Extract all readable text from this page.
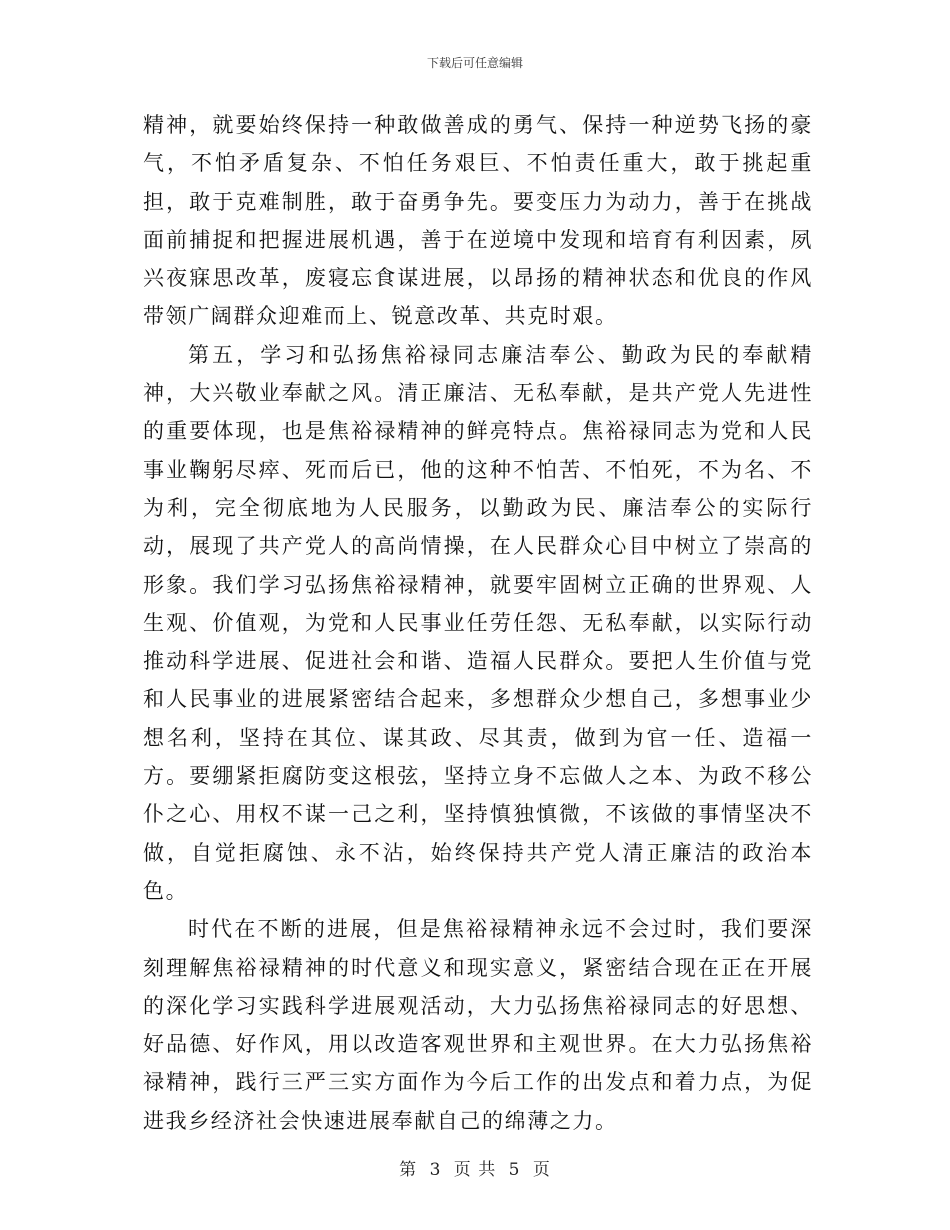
下载后可任意编辑

精神，就要始终保持一种敢做善成的勇气、保持一种逆势飞扬的豪气，不怕矛盾复杂、不怕任务艰巨、不怕责任重大，敢于挑起重担，敢于克难制胜，敢于奋勇争先。要变压力为动力，善于在挑战面前捕捉和把握进展机遇，善于在逆境中发现和培育有利因素，夙兴夜寐思改革，废寝忘食谋进展，以昂扬的精神状态和优良的作风带领广阔群众迎难而上、锐意改革、共克时艰。

第五，学习和弘扬焦裕禄同志廉洁奉公、勤政为民的奉献精神，大兴敬业奉献之风。清正廉洁、无私奉献，是共产党人先进性的重要体现，也是焦裕禄精神的鲜亮特点。焦裕禄同志为党和人民事业鞠躬尽瘁、死而后已，他的这种不怕苦、不怕死，不为名、不为利，完全彻底地为人民服务，以勤政为民、廉洁奉公的实际行动，展现了共产党人的高尚情操，在人民群众心目中树立了崇高的形象。我们学习弘扬焦裕禄精神，就要牢固树立正确的世界观、人生观、价值观，为党和人民事业任劳任怨、无私奉献，以实际行动推动科学进展、促进社会和谐、造福人民群众。要把人生价值与党和人民事业的进展紧密结合起来，多想群众少想自己，多想事业少想名利，坚持在其位、谋其政、尽其责，做到为官一任、造福一方。要绷紧拒腐防变这根弦，坚持立身不忘做人之本、为政不移公仆之心、用权不谋一己之利，坚持慎独慎微，不该做的事情坚决不做，自觉拒腐蚀、永不沾，始终保持共产党人清正廉洁的政治本色。

时代在不断的进展，但是焦裕禄精神永远不会过时，我们要深刻理解焦裕禄精神的时代意义和现实意义，紧密结合现在正在开展的深化学习实践科学进展观活动，大力弘扬焦裕禄同志的好思想、好品德、好作风，用以改造客观世界和主观世界。在大力弘扬焦裕禄精神，践行三严三实方面作为今后工作的出发点和着力点，为促进我乡经济社会快速进展奉献自己的绵薄之力。

第 3 页 共 5 页
